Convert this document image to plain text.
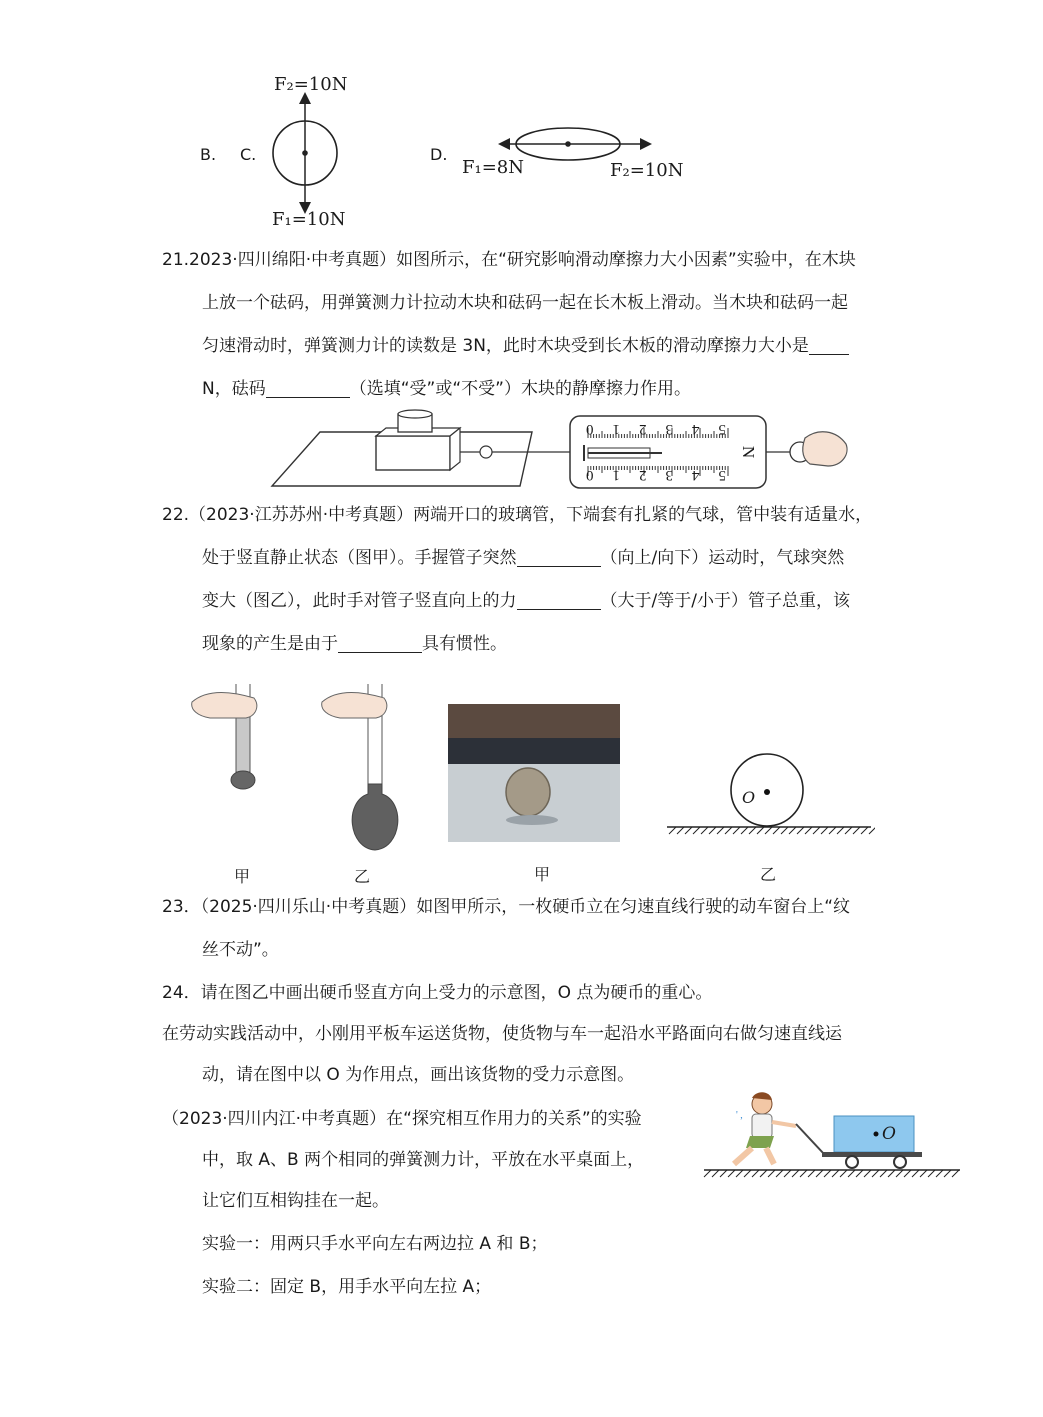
B. C.
F₂=10N
F₁=10N
D.
F₁=8N	F₂=10N
21.2023·四川绵阳·中考真题）如图所示，在“研究影响滑动摩擦力大小因素”实验中，在木块
上放一个砝码，用弹簧测力计拉动木块和砝码一起在长木板上滑动。当木块和砝码一起
匀速滑动时，弹簧测力计的读数是 3N，此时木块受到长木板的滑动摩擦力大小是
N，砝码	（选填“受”或“不受”）木块的静摩擦力作用。
5
4
3
2
1
0
5
4
3
2
1
0
N
22.（2023·江苏苏州·中考真题）两端开口的玻璃管，下端套有扎紧的气球，管中装有适量水，
处于竖直静止状态（图甲）。手握管子突然	（向上/向下）运动时，气球突然
变大（图乙），此时手对管子竖直向上的力	（大于/等于/小于）管子总重，该
现象的产生是由于	具有惯性。
O
甲	乙	甲	乙
23．（2025·四川乐山·中考真题）如图甲所示，一枚硬币立在匀速直线行驶的动车窗台上“纹
丝不动”。
24．请在图乙中画出硬币竖直方向上受力的示意图，O 点为硬币的重心。
在劳动实践活动中，小刚用平板车运送货物，使货物与车一起沿水平路面向右做匀速直线运
动，请在图中以 O 为作用点，画出该货物的受力示意图。
' ,
O
（2023·四川内江·中考真题）在“探究相互作用力的关系”的实验
中，取 A、B 两个相同的弹簧测力计，平放在水平桌面上，
让它们互相钩挂在一起。
实验一：用两只手水平向左右两边拉 A 和 B；
实验二：固定 B，用手水平向左拉 A；
